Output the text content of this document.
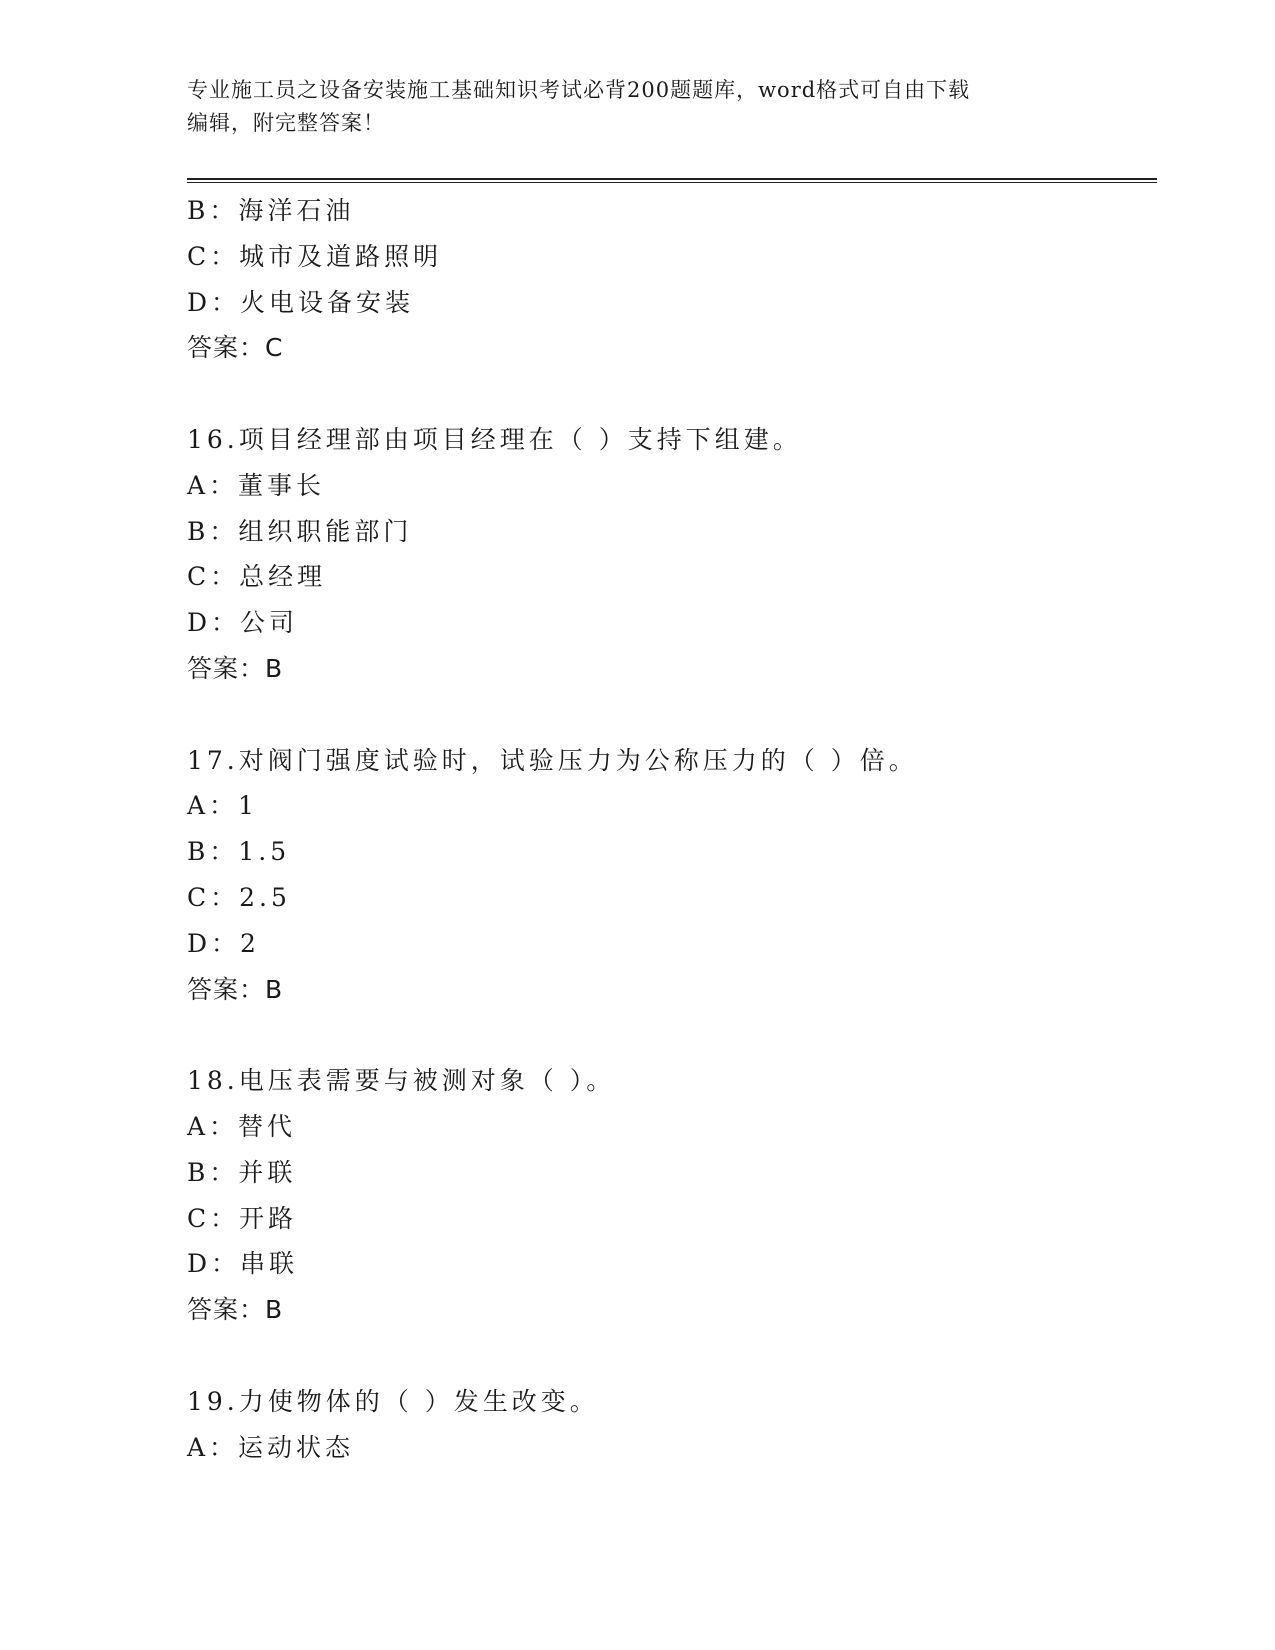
专业施工员之设备安装施工基础知识考试必背200题题库，word格式可自由下载
编辑，附完整答案！
B：海洋石油
C：城市及道路照明
D：火电设备安装
答案：C
16.项目经理部由项目经理在（ ）支持下组建。
A：董事长
B：组织职能部门
C：总经理
D：公司
答案：B
17.对阀门强度试验时，试验压力为公称压力的（ ）倍。
A：1
B：1.5
C：2.5
D：2
答案：B
18.电压表需要与被测对象（ ）。
A：替代
B：并联
C：开路
D：串联
答案：B
19.力使物体的（ ）发生改变。
A：运动状态
